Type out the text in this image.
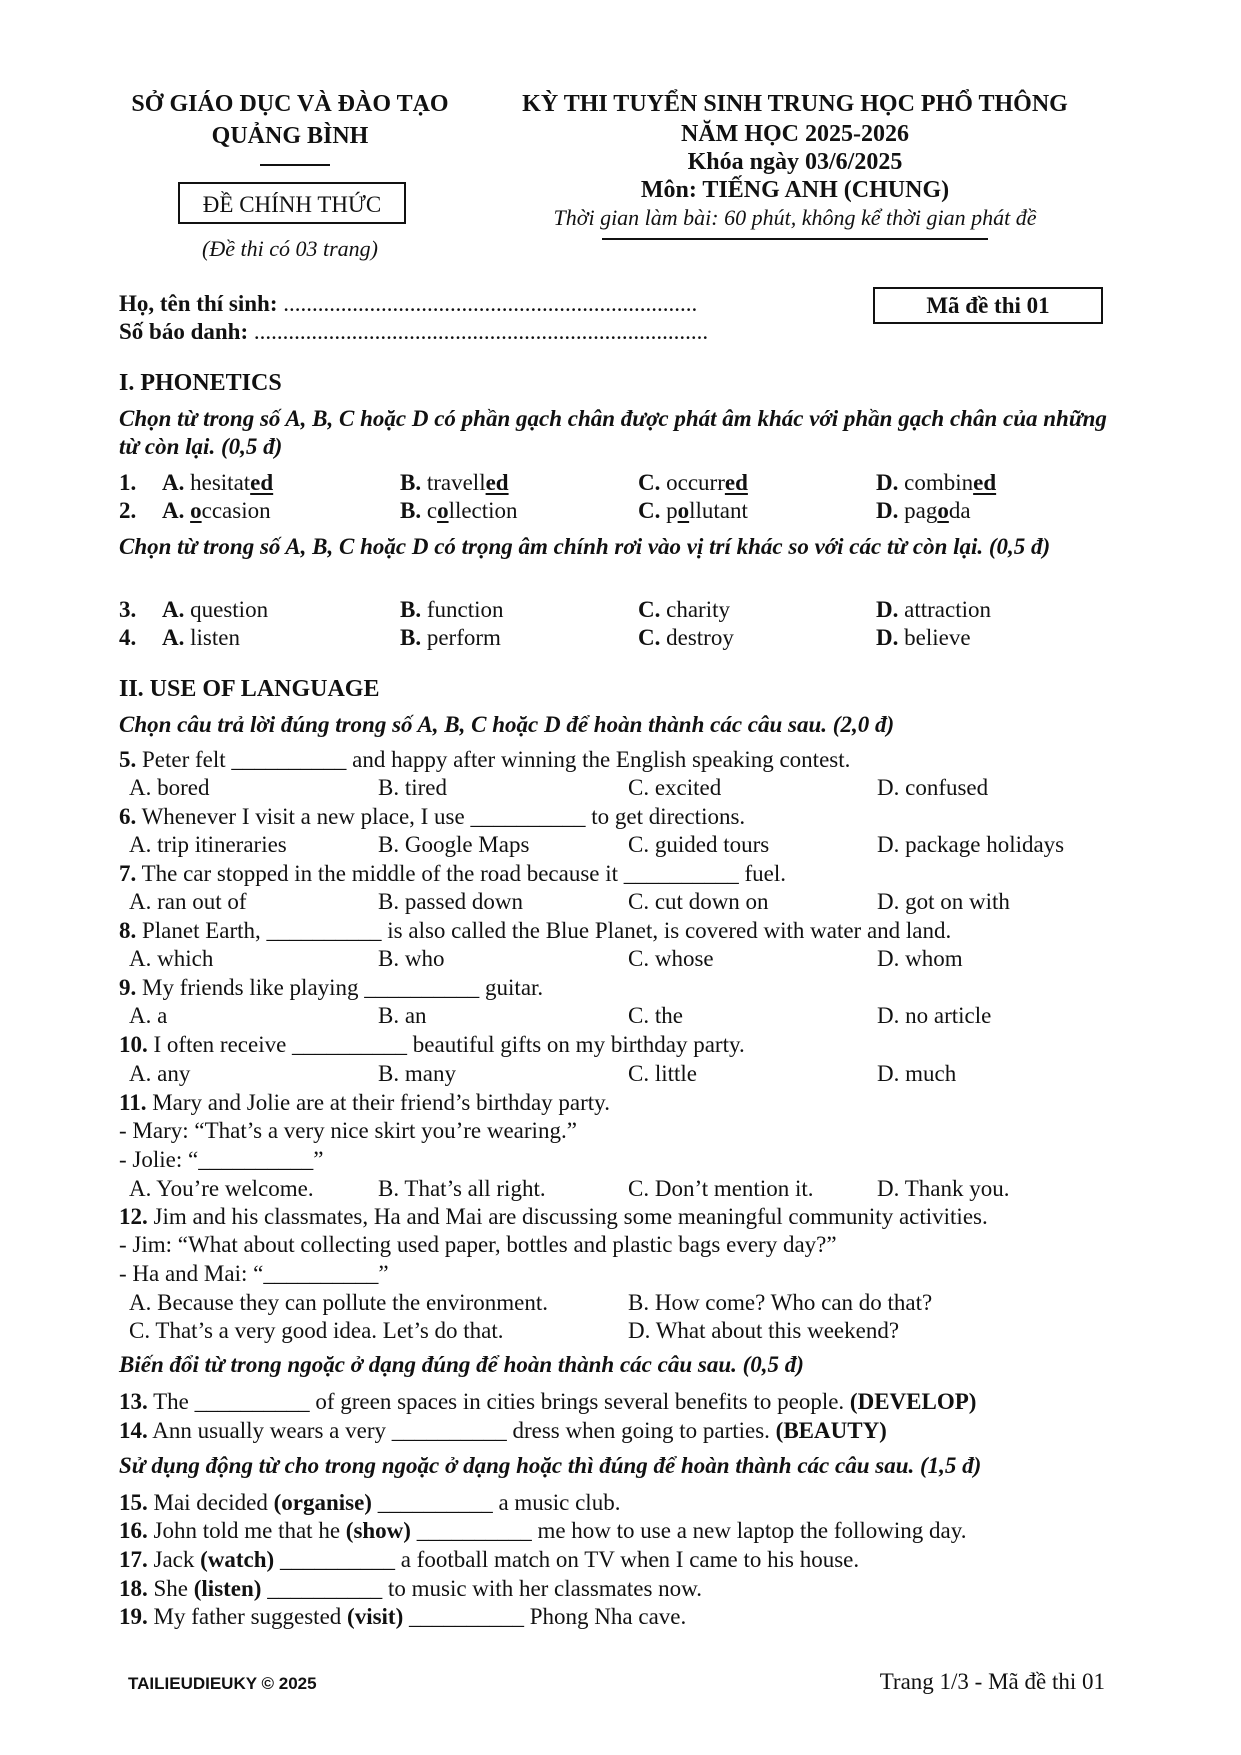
SỞ GIÁO DỤC VÀ ĐÀO TẠO
QUẢNG BÌNH
ĐỀ CHÍNH THỨC
(Đề thi có 03 trang)
KỲ THI TUYỂN SINH TRUNG HỌC PHỔ THÔNG
NĂM HỌC 2025-2026
Khóa ngày 03/6/2025
Môn: TIẾNG ANH (CHUNG)
Thời gian làm bài: 60 phút, không kể thời gian phát đề
Họ, tên thí sinh: ........................................................................
Số báo danh: ...............................................................................
Mã đề thi 01
I. PHONETICS
Chọn từ trong số A, B, C hoặc D có phần gạch chân được phát âm khác với phần gạch chân của những từ còn lại. (0,5 đ)
1. A. hesitated	B. travelled	C. occurred	D. combined
2. A. occasion	B. collection	C. pollutant	D. pagoda
Chọn từ trong số A, B, C hoặc D có trọng âm chính rơi vào vị trí khác so với các từ còn lại. (0,5 đ)
3. A. question	B. function	C. charity	D. attraction
4. A. listen	B. perform	C. destroy	D. believe
II. USE OF LANGUAGE
Chọn câu trả lời đúng trong số A, B, C hoặc D để hoàn thành các câu sau. (2,0 đ)
5. Peter felt __________ and happy after winning the English speaking contest.
A. bored	B. tired	C. excited	D. confused
6. Whenever I visit a new place, I use __________ to get directions.
A. trip itineraries	B. Google Maps	C. guided tours	D. package holidays
7. The car stopped in the middle of the road because it __________ fuel.
A. ran out of	B. passed down	C. cut down on	D. got on with
8. Planet Earth, __________ is also called the Blue Planet, is covered with water and land.
A. which	B. who	C. whose	D. whom
9. My friends like playing __________ guitar.
A. a	B. an	C. the	D. no article
10. I often receive __________ beautiful gifts on my birthday party.
A. any	B. many	C. little	D. much
11. Mary and Jolie are at their friend’s birthday party.
- Mary: “That’s a very nice skirt you’re wearing.”
- Jolie: “__________”
A. You’re welcome.	B. That’s all right.	C. Don’t mention it.	D. Thank you.
12. Jim and his classmates, Ha and Mai are discussing some meaningful community activities.
- Jim: “What about collecting used paper, bottles and plastic bags every day?”
- Ha and Mai: “__________”
A. Because they can pollute the environment.	B. How come? Who can do that?
C. That’s a very good idea. Let’s do that.	D. What about this weekend?
Biến đổi từ trong ngoặc ở dạng đúng để hoàn thành các câu sau. (0,5 đ)
13. The __________ of green spaces in cities brings several benefits to people. (DEVELOP)
14. Ann usually wears a very __________ dress when going to parties. (BEAUTY)
Sử dụng động từ cho trong ngoặc ở dạng hoặc thì đúng để hoàn thành các câu sau. (1,5 đ)
15. Mai decided (organise) __________ a music club.
16. John told me that he (show) __________ me how to use a new laptop the following day.
17. Jack (watch) __________ a football match on TV when I came to his house.
18. She (listen) __________ to music with her classmates now.
19. My father suggested (visit) __________ Phong Nha cave.
TAILIEUDIEUKY © 2025	Trang 1/3 - Mã đề thi 01
